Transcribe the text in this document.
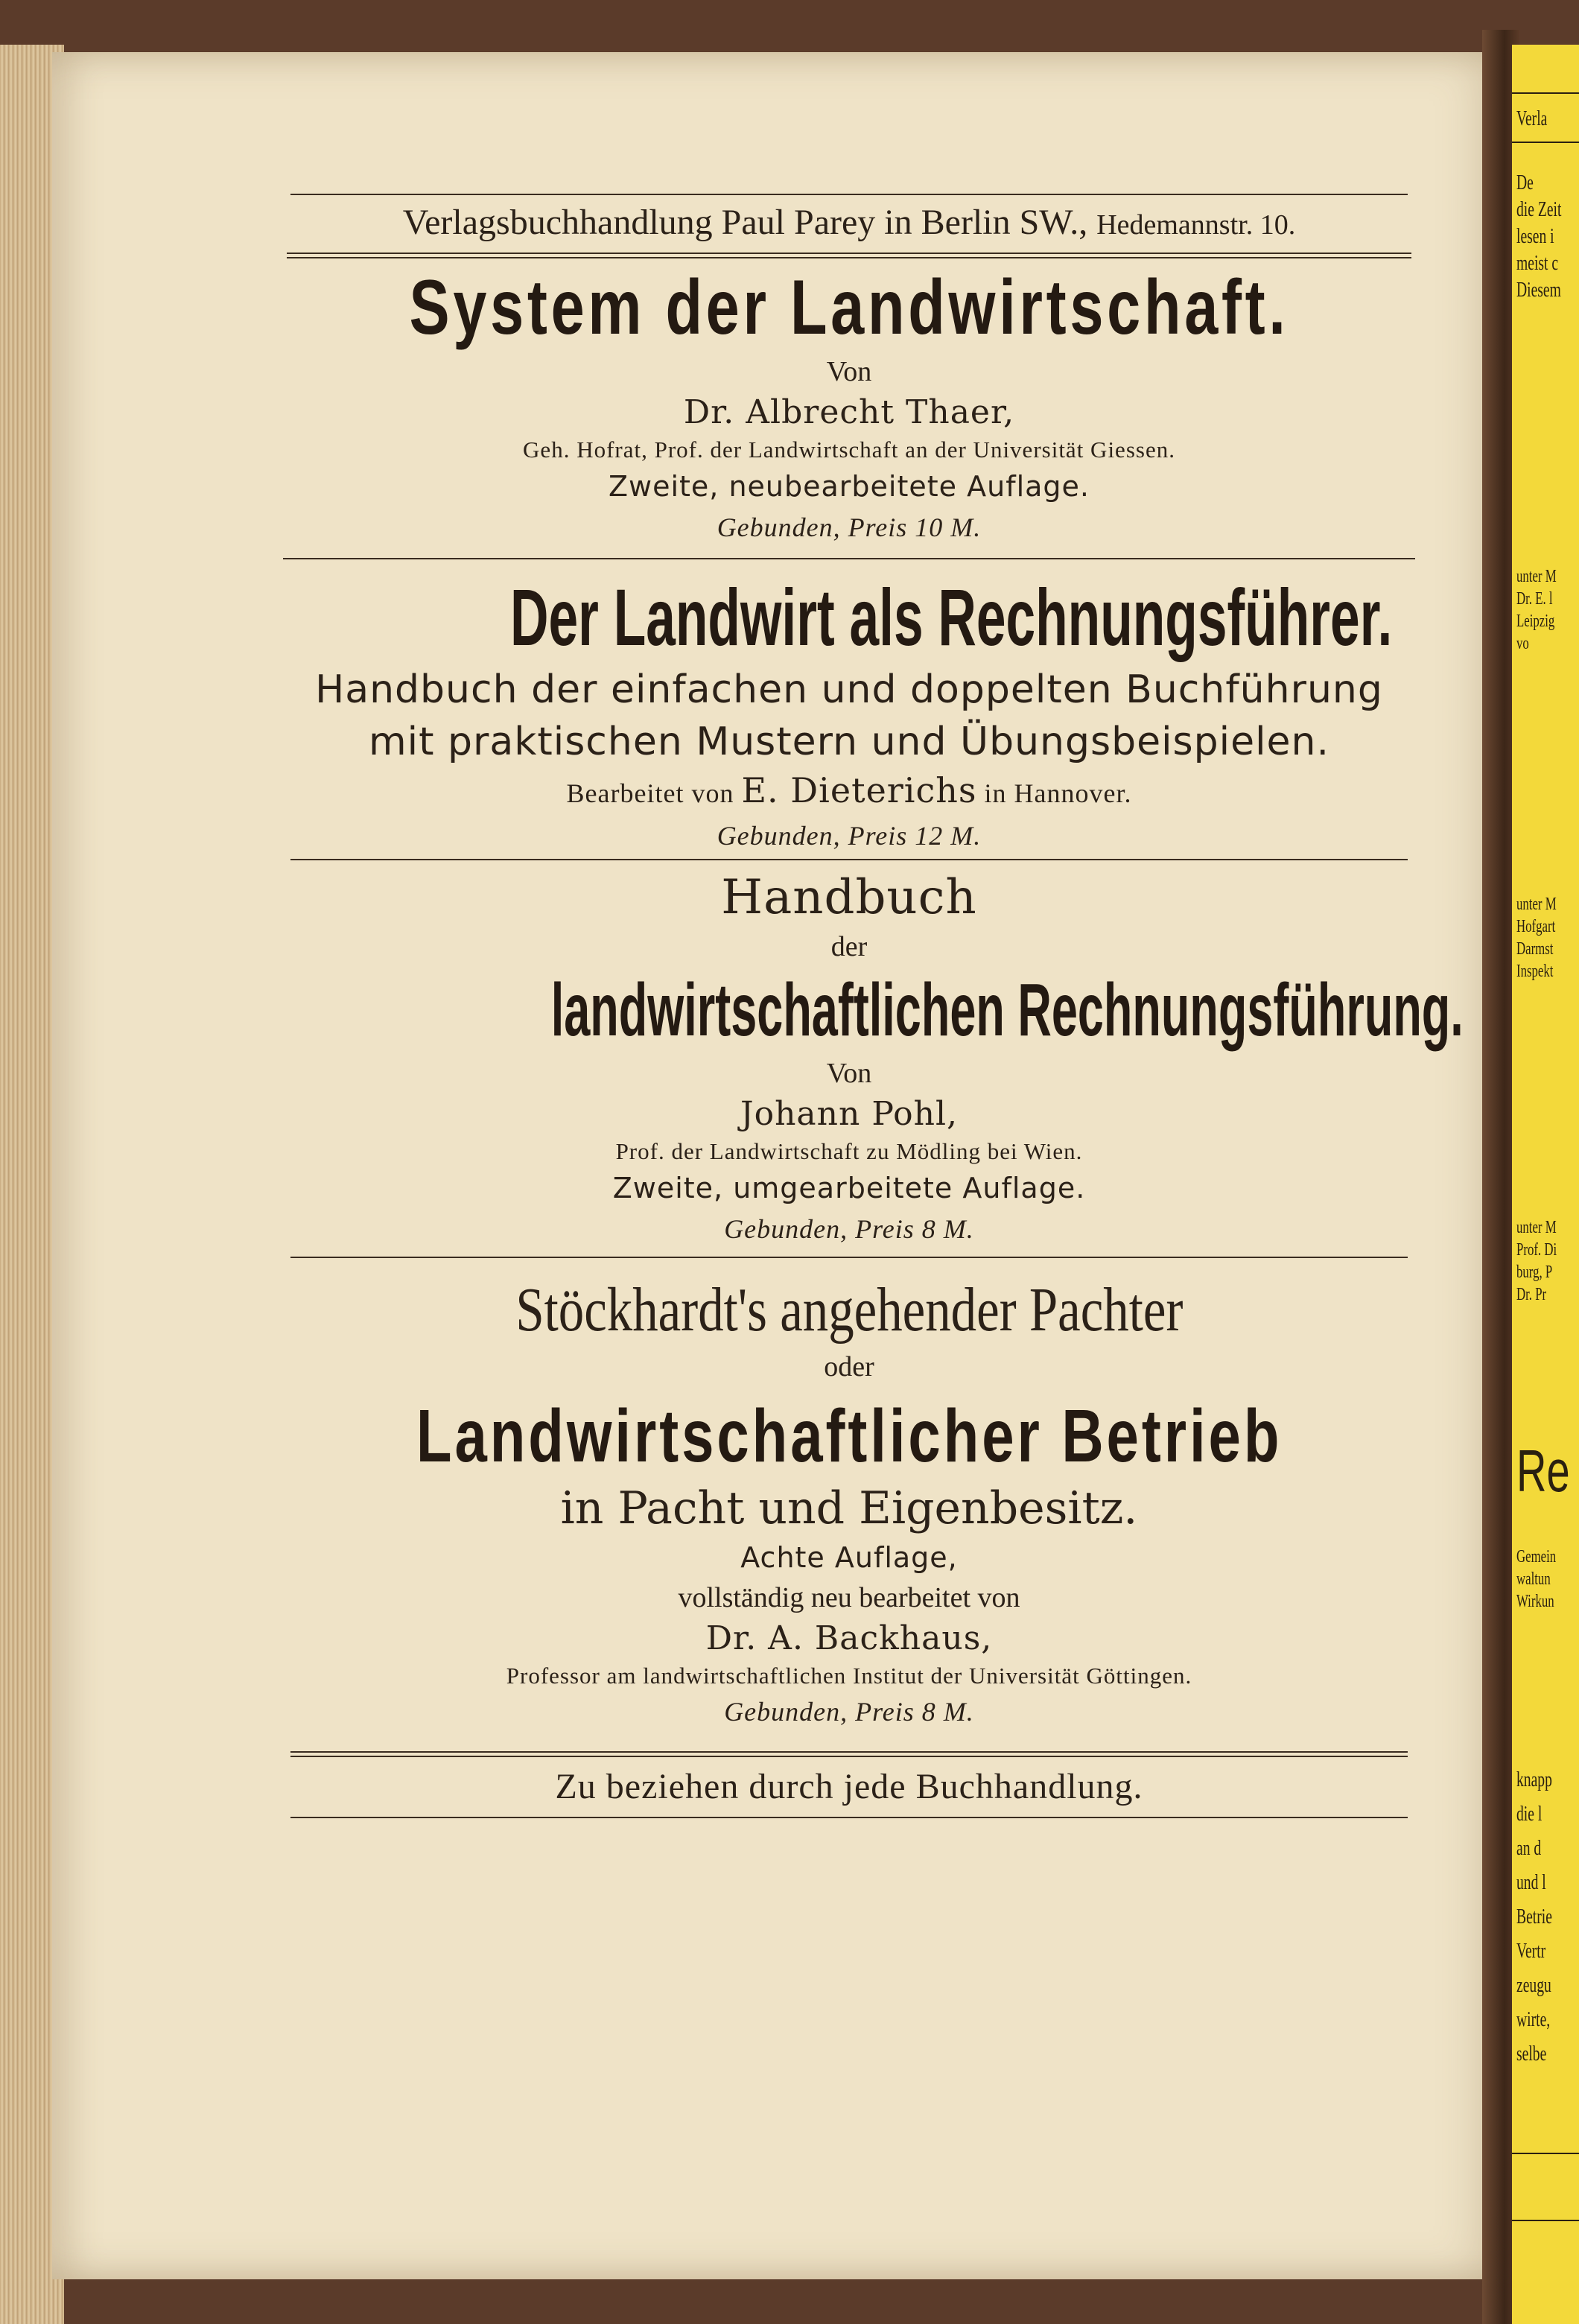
Verla
De
die Zeit
lesen i
meist c
Diesem
unter M
Dr. E. l
Leipzig
vo
unter M
Hofgart
Darmst
Inspekt
unter M
Prof. Di
burg, P
Dr. Pr
Re
Gemein
waltun
Wirkun
knapp
die l
an d
und l
Betrie
Vertr
zeugu
wirte,
selbe
Verlagsbuchhandlung Paul Parey in Berlin SW., Hedemannstr. 10.
System der Landwirtschaft.
Von
Dr. Albrecht Thaer,
Geh. Hofrat, Prof. der Landwirtschaft an der Universität Giessen.
Zweite, neubearbeitete Auflage.
Gebunden, Preis 10 M.
Der Landwirt als Rechnungsführer.
Handbuch der einfachen und doppelten Buchführung
mit praktischen Mustern und Übungsbeispielen.
Bearbeitet von E. Dieterichs in Hannover.
Gebunden, Preis 12 M.
Handbuch
der
landwirtschaftlichen Rechnungsführung.
Von
Johann Pohl,
Prof. der Landwirtschaft zu Mödling bei Wien.
Zweite, umgearbeitete Auflage.
Gebunden, Preis 8 M.
Stöckhardt's angehender Pachter
oder
Landwirtschaftlicher Betrieb
in Pacht und Eigenbesitz.
Achte Auflage,
vollständig neu bearbeitet von
Dr. A. Backhaus,
Professor am landwirtschaftlichen Institut der Universität Göttingen.
Gebunden, Preis 8 M.
Zu beziehen durch jede Buchhandlung.
